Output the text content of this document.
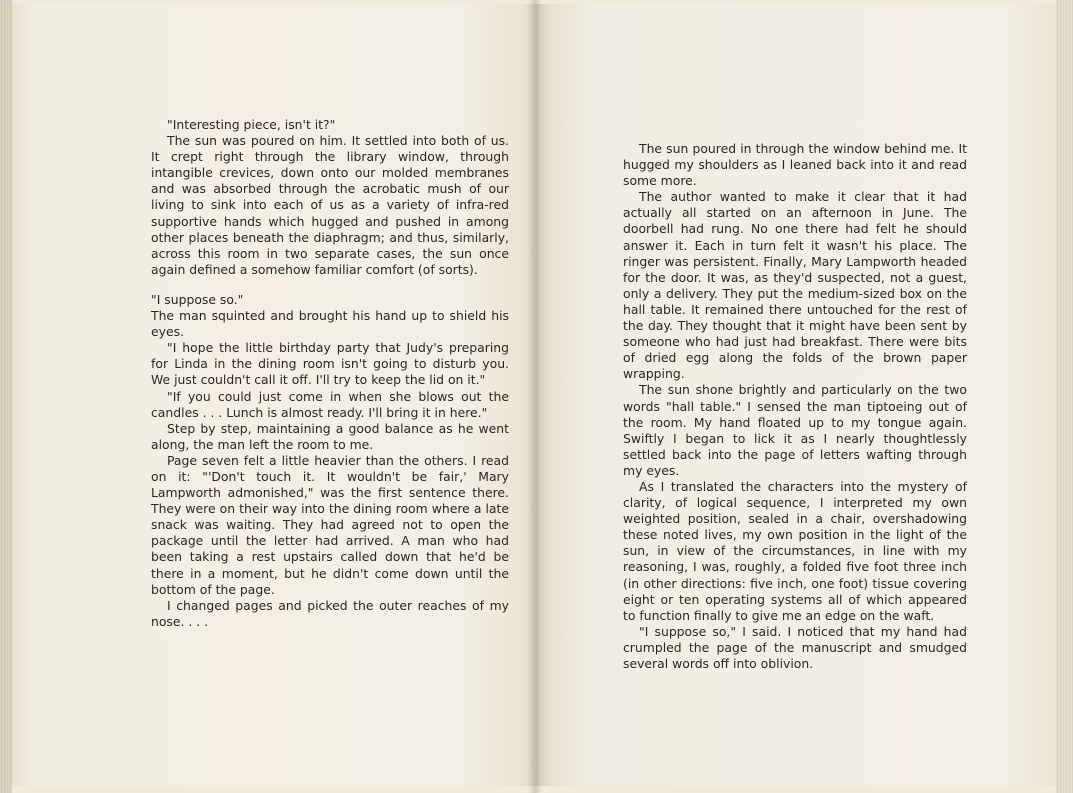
"Interesting piece, isn't it?"

The sun was poured on him. It settled into both of us. It crept right through the library window, through intangible crevices, down onto our molded membranes and was absorbed through the acrobatic mush of our living to sink into each of us as a variety of infra-red supportive hands which hugged and pushed in among other places beneath the diaphragm; and thus, similarly, across this room in two separate cases, the sun once again defined a somehow familiar comfort (of sorts).

"I suppose so."

The man squinted and brought his hand up to shield his eyes.

"I hope the little birthday party that Judy's preparing for Linda in the dining room isn't going to disturb you. We just couldn't call it off. I'll try to keep the lid on it."

"If you could just come in when she blows out the candles . . . Lunch is almost ready. I'll bring it in here."

Step by step, maintaining a good balance as he went along, the man left the room to me.

Page seven felt a little heavier than the others. I read on it: "'Don't touch it. It wouldn't be fair,' Mary Lampworth admonished," was the first sentence there. They were on their way into the dining room where a late snack was waiting. They had agreed not to open the package until the letter had arrived. A man who had been taking a rest upstairs called down that he'd be there in a moment, but he didn't come down until the bottom of the page.

I changed pages and picked the outer reaches of my nose. . . .

The sun poured in through the window behind me. It hugged my shoulders as I leaned back into it and read some more.

The author wanted to make it clear that it had actually all started on an afternoon in June. The doorbell had rung. No one there had felt he should answer it. Each in turn felt it wasn't his place. The ringer was persistent. Finally, Mary Lampworth headed for the door. It was, as they'd suspected, not a guest, only a delivery. They put the medium-sized box on the hall table. It remained there untouched for the rest of the day. They thought that it might have been sent by someone who had just had breakfast. There were bits of dried egg along the folds of the brown paper wrapping.

The sun shone brightly and particularly on the two words "hall table." I sensed the man tiptoeing out of the room. My hand floated up to my tongue again. Swiftly I began to lick it as I nearly thoughtlessly settled back into the page of letters wafting through my eyes.

As I translated the characters into the mystery of clarity, of logical sequence, I interpreted my own weighted position, sealed in a chair, overshadowing these noted lives, my own position in the light of the sun, in view of the circumstances, in line with my reasoning, I was, roughly, a folded five foot three inch (in other directions: five inch, one foot) tissue covering eight or ten operating systems all of which appeared to function finally to give me an edge on the waft.

"I suppose so," I said. I noticed that my hand had crumpled the page of the manuscript and smudged several words off into oblivion.
